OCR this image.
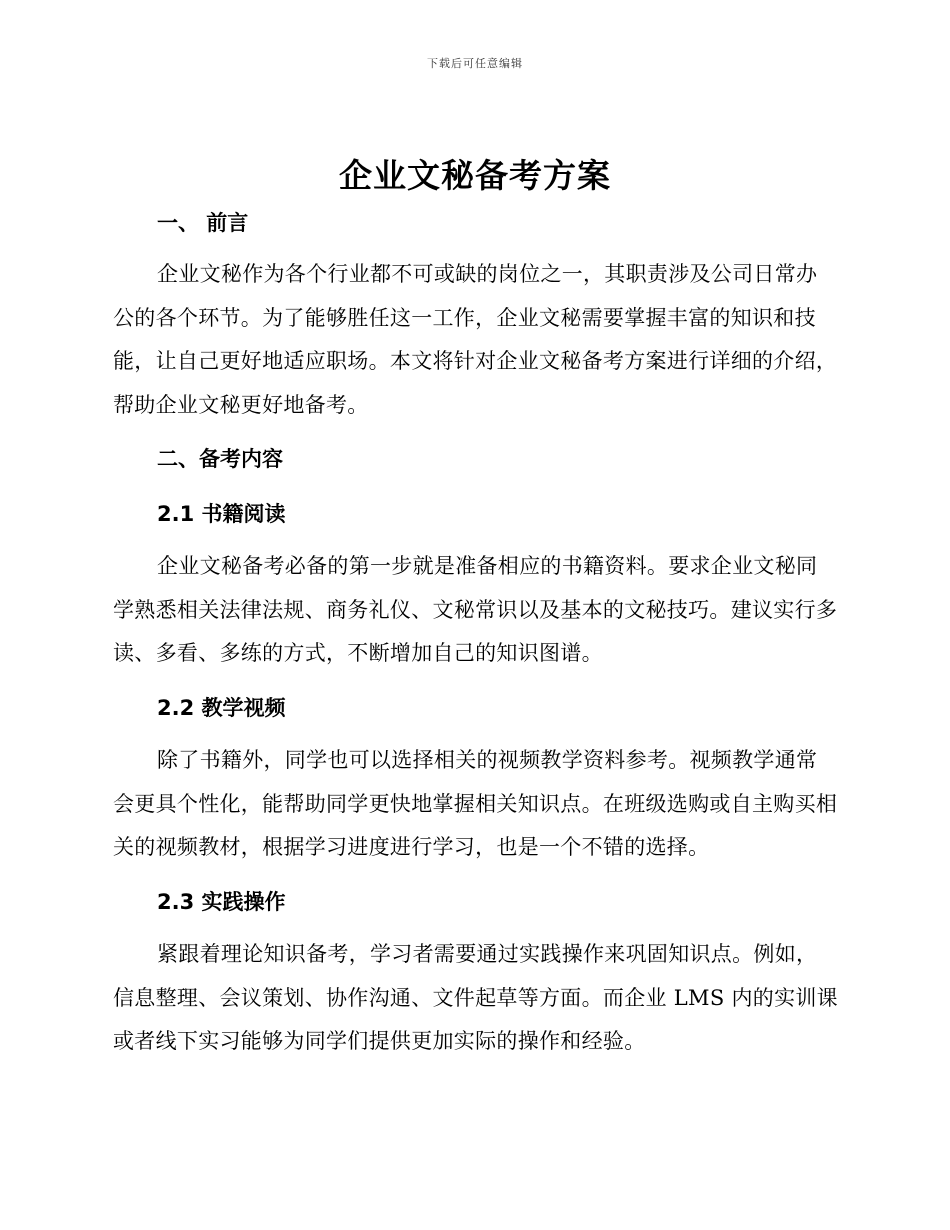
下载后可任意编辑
企业文秘备考方案
一、 前言
企业文秘作为各个行业都不可或缺的岗位之一，其职责涉及公司日常办公的各个环节。为了能够胜任这一工作，企业文秘需要掌握丰富的知识和技能，让自己更好地适应职场。本文将针对企业文秘备考方案进行详细的介绍，帮助企业文秘更好地备考。
二、备考内容
2.1 书籍阅读
企业文秘备考必备的第一步就是准备相应的书籍资料。要求企业文秘同学熟悉相关法律法规、商务礼仪、文秘常识以及基本的文秘技巧。建议实行多读、多看、多练的方式，不断增加自己的知识图谱。
2.2 教学视频
除了书籍外，同学也可以选择相关的视频教学资料参考。视频教学通常会更具个性化，能帮助同学更快地掌握相关知识点。在班级选购或自主购买相关的视频教材，根据学习进度进行学习，也是一个不错的选择。
2.3 实践操作
紧跟着理论知识备考，学习者需要通过实践操作来巩固知识点。例如，信息整理、会议策划、协作沟通、文件起草等方面。而企业 LMS 内的实训课或者线下实习能够为同学们提供更加实际的操作和经验。
